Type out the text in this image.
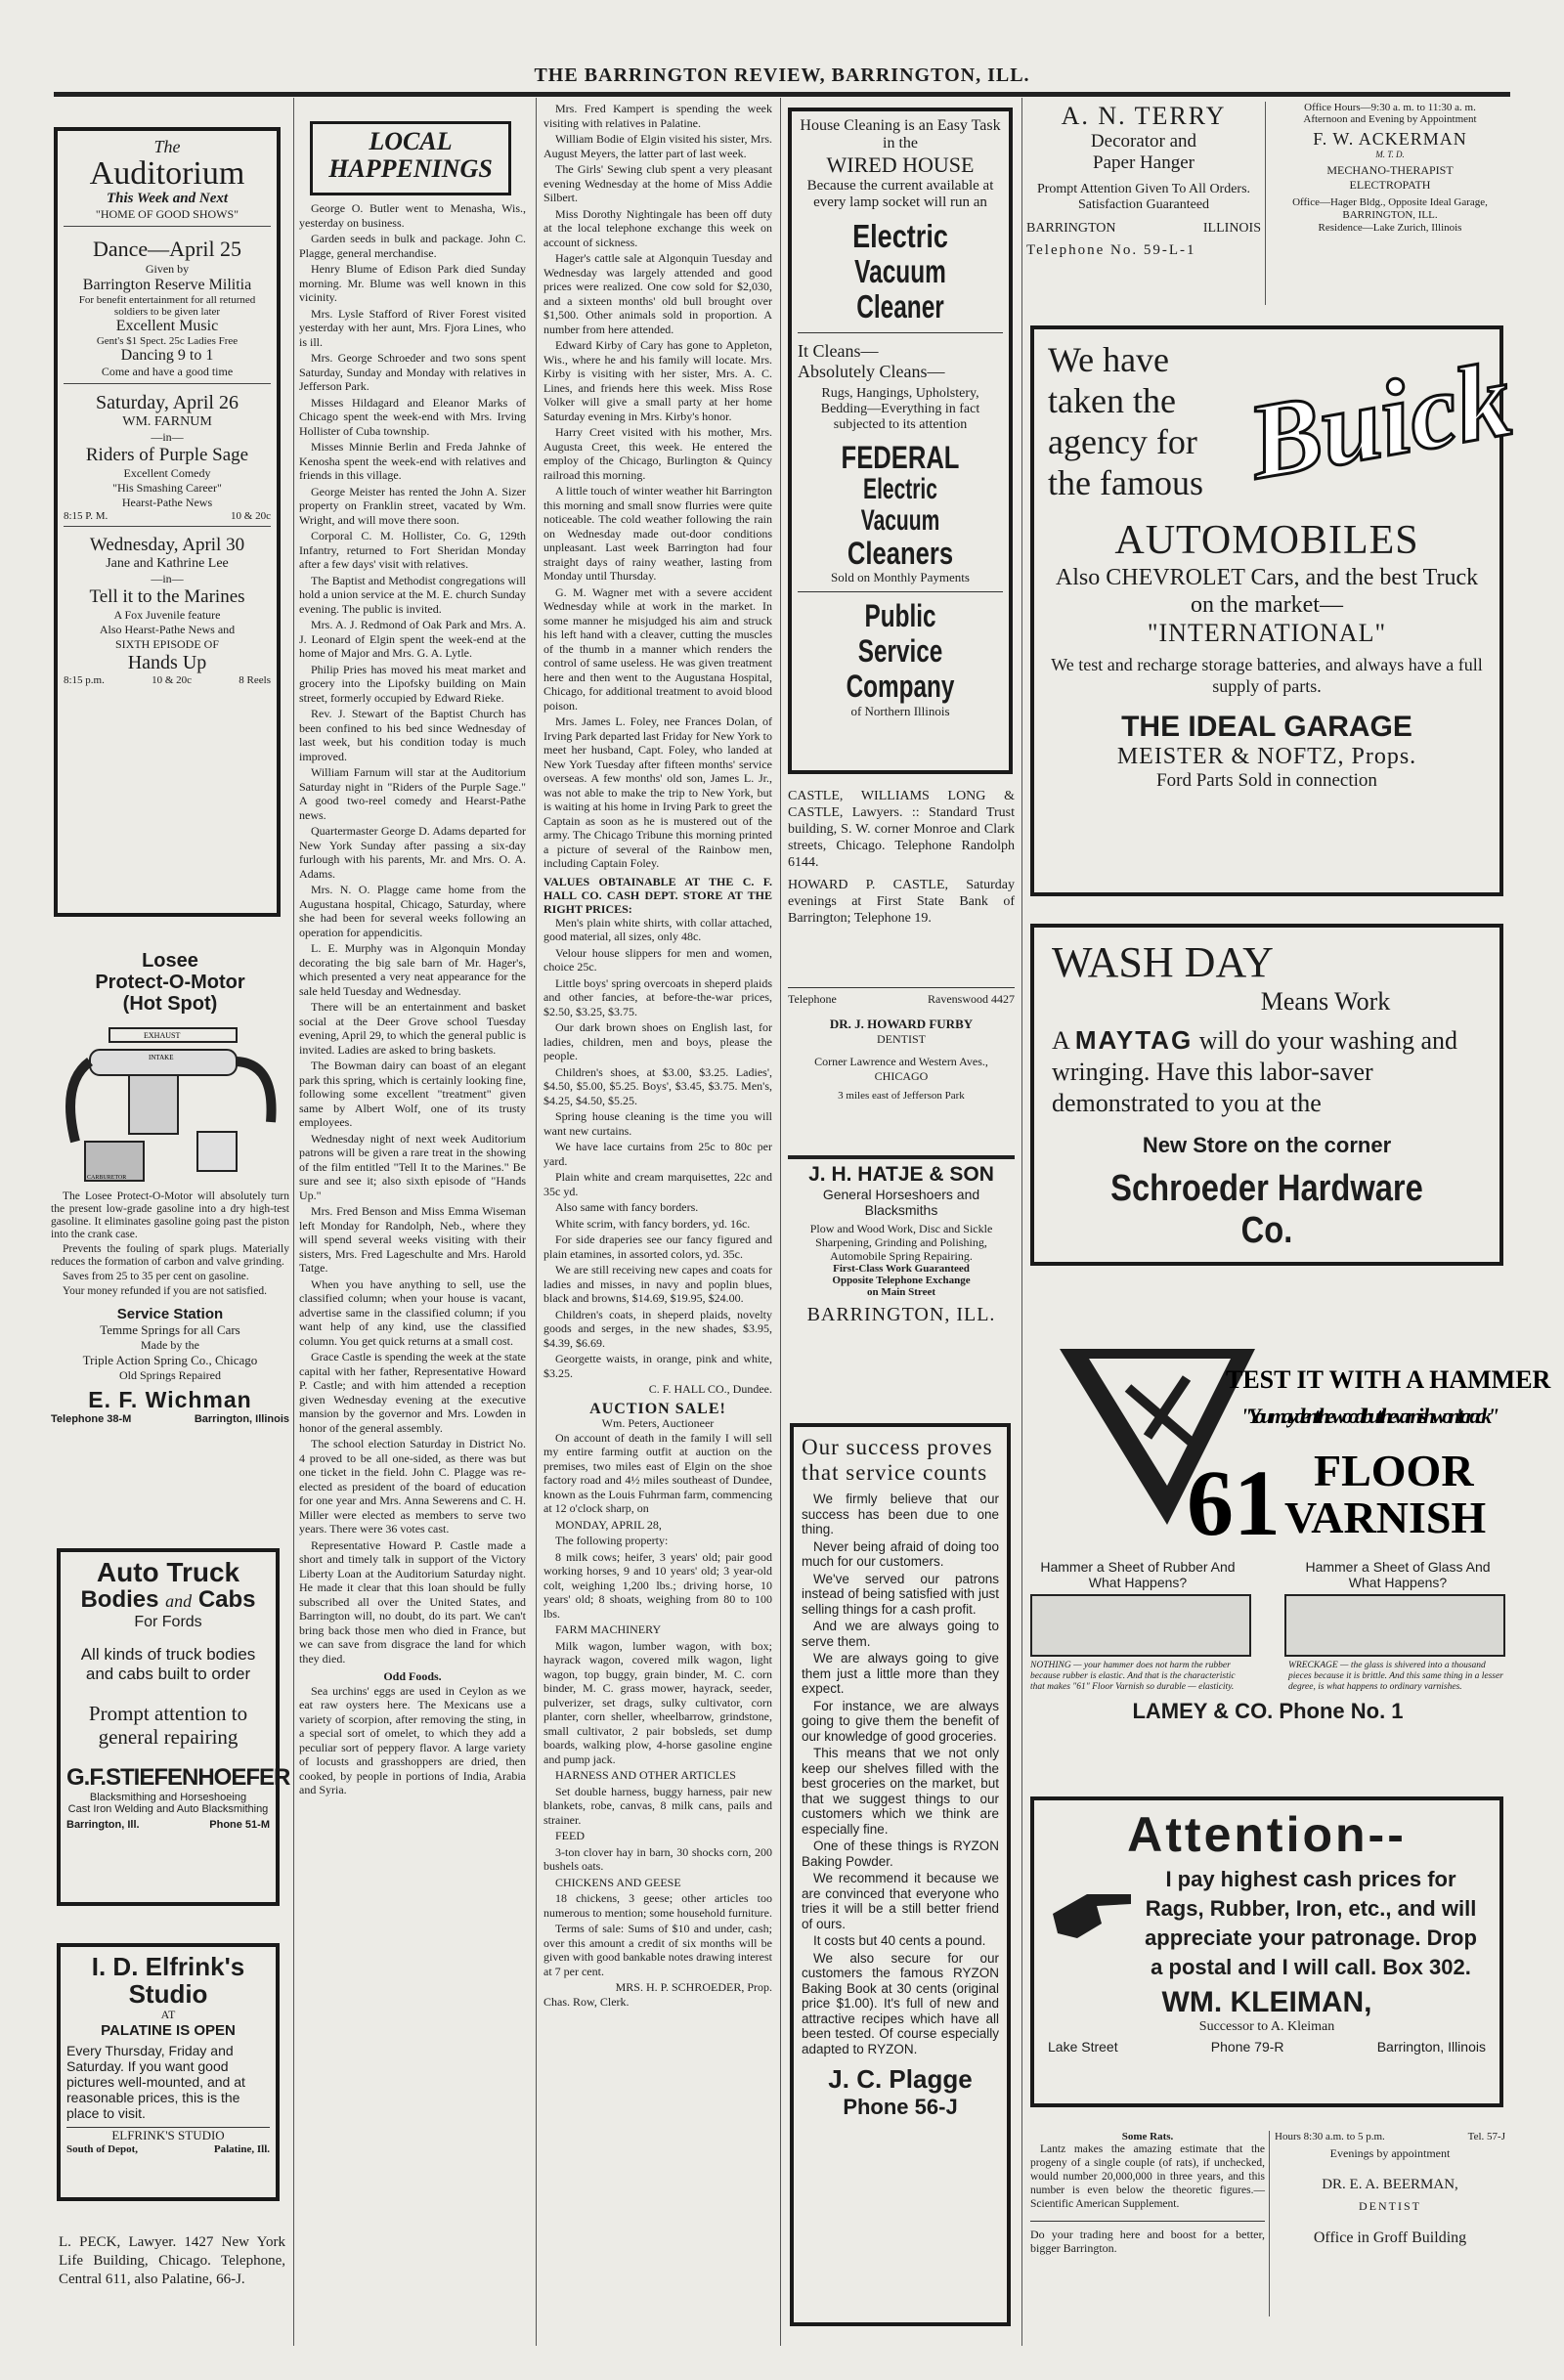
THE BARRINGTON REVIEW, BARRINGTON, ILL.
The
Auditorium
This Week and Next
"HOME OF GOOD SHOWS"
Dance—April 25
Given by
Barrington Reserve Militia
For benefit entertainment for all returned soldiers to be given later
Excellent Music
Gent's $1 Spect. 25c Ladies Free
Dancing 9 to 1
Come and have a good time
Saturday, April 26
WM. FARNUM
—in—
Riders of Purple Sage
Excellent Comedy
"His Smashing Career"
Hearst-Pathe News
8:15 P. M.	10 & 20c
Wednesday, April 30
Jane and Kathrine Lee
—in—
Tell it to the Marines
A Fox Juvenile feature
Also Hearst-Pathe News and
SIXTH EPISODE OF
Hands Up
8:15 p.m.	10 & 20c	8 Reels
Losee
Protect-O-Motor
(Hot Spot)
EXHAUST
INTAKE
CARBURETOR

The Losee Protect-O-Motor will absolutely turn the present low-grade gasoline into a dry high-test gasoline. It eliminates gasoline going past the piston into the crank case.

Prevents the fouling of spark plugs. Materially reduces the formation of carbon and valve grinding.

Saves from 25 to 35 per cent on gasoline.

Your money refunded if you are not satisfied.

Service Station
Temme Springs for all Cars
Made by the
Triple Action Spring Co., Chicago
Old Springs Repaired
E. F. Wichman
Telephone 38-M	Barrington, Illinois
Auto Truck
Bodies and Cabs
For Fords
All kinds of truck bodies and cabs built to order
Prompt attention to general repairing
G.F.STIEFENHOEFER
Blacksmithing and Horseshoeing
Cast Iron Welding and Auto Blacksmithing
Barrington, Ill.	Phone 51-M
I. D. Elfrink's
Studio
AT
PALATINE IS OPEN
Every Thursday, Friday and Saturday. If you want good pictures well-mounted, and at reasonable prices, this is the place to visit.
ELFRINK'S STUDIO
South of Depot,	Palatine, Ill.
L. PECK, Lawyer. 1427 New York Life Building, Chicago. Telephone, Central 611, also Palatine, 66-J.
LOCAL
HAPPENINGS

George O. Butler went to Menasha, Wis., yesterday on business.

Garden seeds in bulk and package. John C. Plagge, general merchandise.

Henry Blume of Edison Park died Sunday morning. Mr. Blume was well known in this vicinity.

Mrs. Lysle Stafford of River Forest visited yesterday with her aunt, Mrs. Fjora Lines, who is ill.

Mrs. George Schroeder and two sons spent Saturday, Sunday and Monday with relatives in Jefferson Park.

Misses Hildagard and Eleanor Marks of Chicago spent the week-end with Mrs. Irving Hollister of Cuba township.

Misses Minnie Berlin and Freda Jahnke of Kenosha spent the week-end with relatives and friends in this village.

George Meister has rented the John A. Sizer property on Franklin street, vacated by Wm. Wright, and will move there soon.

Corporal C. M. Hollister, Co. G, 129th Infantry, returned to Fort Sheridan Monday after a few days' visit with relatives.

The Baptist and Methodist congregations will hold a union service at the M. E. church Sunday evening. The public is invited.

Mrs. A. J. Redmond of Oak Park and Mrs. A. J. Leonard of Elgin spent the week-end at the home of Major and Mrs. G. A. Lytle.

Philip Pries has moved his meat market and grocery into the Lipofsky building on Main street, formerly occupied by Edward Rieke.

Rev. J. Stewart of the Baptist Church has been confined to his bed since Wednesday of last week, but his condition today is much improved.

William Farnum will star at the Auditorium Saturday night in "Riders of the Purple Sage." A good two-reel comedy and Hearst-Pathe news.

Quartermaster George D. Adams departed for New York Sunday after passing a six-day furlough with his parents, Mr. and Mrs. O. A. Adams.

Mrs. N. O. Plagge came home from the Augustana hospital, Chicago, Saturday, where she had been for several weeks following an operation for appendicitis.

L. E. Murphy was in Algonquin Monday decorating the big sale barn of Mr. Hager's, which presented a very neat appearance for the sale held Tuesday and Wednesday.

There will be an entertainment and basket social at the Deer Grove school Tuesday evening, April 29, to which the general public is invited. Ladies are asked to bring baskets.

The Bowman dairy can boast of an elegant park this spring, which is certainly looking fine, following some excellent "treatment" given same by Albert Wolf, one of its trusty employees.

Wednesday night of next week Auditorium patrons will be given a rare treat in the showing of the film entitled "Tell It to the Marines." Be sure and see it; also sixth episode of "Hands Up."

Mrs. Fred Benson and Miss Emma Wiseman left Monday for Randolph, Neb., where they will spend several weeks visiting with their sisters, Mrs. Fred Lageschulte and Mrs. Harold Tatge.

When you have anything to sell, use the classified column; when your house is vacant, advertise same in the classified column; if you want help of any kind, use the classified column. You get quick returns at a small cost.

Grace Castle is spending the week at the state capital with her father, Representative Howard P. Castle; and with him attended a reception given Wednesday evening at the executive mansion by the governor and Mrs. Lowden in honor of the general assembly.

The school election Saturday in District No. 4 proved to be all one-sided, as there was but one ticket in the field. John C. Plagge was re-elected as president of the board of education for one year and Mrs. Anna Sewerens and C. H. Miller were elected as members to serve two years. There were 36 votes cast.

Representative Howard P. Castle made a short and timely talk in support of the Victory Liberty Loan at the Auditorium Saturday night. He made it clear that this loan should be fully subscribed all over the United States, and Barrington will, no doubt, do its part. We can't bring back those men who died in France, but we can save from disgrace the land for which they died.

Odd Foods.

Sea urchins' eggs are used in Ceylon as we eat raw oysters here. The Mexicans use a variety of scorpion, after removing the sting, in a special sort of omelet, to which they add a peculiar sort of peppery flavor. A large variety of locusts and grasshoppers are dried, then cooked, by people in portions of India, Arabia and Syria.

Mrs. Fred Kampert is spending the week visiting with relatives in Palatine.

William Bodie of Elgin visited his sister, Mrs. August Meyers, the latter part of last week.

The Girls' Sewing club spent a very pleasant evening Wednesday at the home of Miss Addie Silbert.

Miss Dorothy Nightingale has been off duty at the local telephone exchange this week on account of sickness.

Hager's cattle sale at Algonquin Tuesday and Wednesday was largely attended and good prices were realized. One cow sold for $2,030, and a sixteen months' old bull brought over $1,500. Other animals sold in proportion. A number from here attended.

Edward Kirby of Cary has gone to Appleton, Wis., where he and his family will locate. Mrs. Kirby is visiting with her sister, Mrs. A. C. Lines, and friends here this week. Miss Rose Volker will give a small party at her home Saturday evening in Mrs. Kirby's honor.

Harry Creet visited with his mother, Mrs. Augusta Creet, this week. He entered the employ of the Chicago, Burlington & Quincy railroad this morning.

A little touch of winter weather hit Barrington this morning and small snow flurries were quite noticeable. The cold weather following the rain on Wednesday made out-door conditions unpleasant. Last week Barrington had four straight days of rainy weather, lasting from Monday until Thursday.

G. M. Wagner met with a severe accident Wednesday while at work in the market. In some manner he misjudged his aim and struck his left hand with a cleaver, cutting the muscles of the thumb in a manner which renders the control of same useless. He was given treatment here and then went to the Augustana Hospital, Chicago, for additional treatment to avoid blood poison.

Mrs. James L. Foley, nee Frances Dolan, of Irving Park departed last Friday for New York to meet her husband, Capt. Foley, who landed at New York Tuesday after fifteen months' service overseas. A few months' old son, James L. Jr., was not able to make the trip to New York, but is waiting at his home in Irving Park to greet the Captain as soon as he is mustered out of the army. The Chicago Tribune this morning printed a picture of several of the Rainbow men, including Captain Foley.

VALUES OBTAINABLE AT THE C. F. HALL CO. CASH DEPT. STORE AT THE RIGHT PRICES:

Men's plain white shirts, with collar attached, good material, all sizes, only 48c.

Velour house slippers for men and women, choice 25c.

Little boys' spring overcoats in sheperd plaids and other fancies, at before-the-war prices, $2.50, $3.25, $3.75.

Our dark brown shoes on English last, for ladies, children, men and boys, please the people.

Children's shoes, at $3.00, $3.25. Ladies', $4.50, $5.00, $5.25. Boys', $3.45, $3.75. Men's, $4.25, $4.50, $5.25.

Spring house cleaning is the time you will want new curtains.

We have lace curtains from 25c to 80c per yard.

Plain white and cream marquisettes, 22c and 35c yd.

Also same with fancy borders.

White scrim, with fancy borders, yd. 16c.

For side draperies see our fancy figured and plain etamines, in assorted colors, yd. 35c.

We are still receiving new capes and coats for ladies and misses, in navy and poplin blues, black and browns, $14.69, $19.95, $24.00.

Children's coats, in sheperd plaids, novelty goods and serges, in the new shades, $3.95, $4.39, $6.69.

Georgette waists, in orange, pink and white, $3.25.

C. F. HALL CO., Dundee.
AUCTION SALE!
Wm. Peters, Auctioneer

On account of death in the family I will sell my entire farming outfit at auction on the premises, two miles east of Elgin on the shoe factory road and 4½ miles southeast of Dundee, known as the Louis Fuhrman farm, commencing at 12 o'clock sharp, on

MONDAY, APRIL 28,

The following property:

8 milk cows; heifer, 3 years' old; pair good working horses, 9 and 10 years' old; 3 year-old colt, weighing 1,200 lbs.; driving horse, 10 years' old; 8 shoats, weighing from 80 to 100 lbs.

FARM MACHINERY

Milk wagon, lumber wagon, with box; hayrack wagon, covered milk wagon, light wagon, top buggy, grain binder, M. C. corn binder, M. C. grass mower, hayrack, seeder, pulverizer, set drags, sulky cultivator, corn planter, corn sheller, wheelbarrow, grindstone, small cultivator, 2 pair bobsleds, set dump boards, walking plow, 4-horse gasoline engine and pump jack.

HARNESS AND OTHER ARTICLES

Set double harness, buggy harness, pair new blankets, robe, canvas, 8 milk cans, pails and strainer.

FEED

3-ton clover hay in barn, 30 shocks corn, 200 bushels oats.

CHICKENS AND GEESE

18 chickens, 3 geese; other articles too numerous to mention; some household furniture.

Terms of sale: Sums of $10 and under, cash; over this amount a credit of six months will be given with good bankable notes drawing interest at 7 per cent.

MRS. H. P. SCHROEDER, Prop.
Chas. Row, Clerk.
House Cleaning is an Easy Task in the
WIRED HOUSE
Because the current available at every lamp socket will run an
Electric
Vacuum Cleaner
It Cleans—
Absolutely Cleans—
Rugs, Hangings, Upholstery, Bedding—Everything in fact subjected to its attention
FEDERAL
Electric Vacuum
Cleaners
Sold on Monthly Payments
Public Service
Company
of Northern Illinois

CASTLE, WILLIAMS LONG & CASTLE, Lawyers. :: Standard Trust building, S. W. corner Monroe and Clark streets, Chicago. Telephone Randolph 6144.

HOWARD P. CASTLE, Saturday evenings at First State Bank of Barrington; Telephone 19.

Telephone	Ravenswood 4427
DR. J. HOWARD FURBY
DENTIST
Corner Lawrence and Western Aves., CHICAGO
3 miles east of Jefferson Park
J. H. HATJE & SON
General Horseshoers and Blacksmiths
Plow and Wood Work, Disc and Sickle Sharpening, Grinding and Polishing, Automobile Spring Repairing.
First-Class Work Guaranteed
Opposite Telephone Exchange
on Main Street
BARRINGTON, ILL.
Our success proves that service counts

We firmly believe that our success has been due to one thing.

Never being afraid of doing too much for our customers.

We've served our patrons instead of being satisfied with just selling things for a cash profit.

And we are always going to serve them.

We are always going to give them just a little more than they expect.

For instance, we are always going to give them the benefit of our knowledge of good groceries.

This means that we not only keep our shelves filled with the best groceries on the market, but that we suggest things to our customers which we think are especially fine.

One of these things is RYZON Baking Powder.

We recommend it because we are convinced that everyone who tries it will be a still better friend of ours.

It costs but 40 cents a pound.

We also secure for our customers the famous RYZON Baking Book at 30 cents (original price $1.00). It's full of new and attractive recipes which have all been tested. Of course especially adapted to RYZON.

J. C. Plagge
Phone 56-J
A. N. TERRY
Decorator and
Paper Hanger
Prompt Attention Given To All Orders. Satisfaction Guaranteed
BARRINGTON	ILLINOIS
Telephone No. 59-L-1
Office Hours—9:30 a. m. to 11:30 a. m.
Afternoon and Evening by Appointment
F. W. ACKERMAN
M. T. D.
MECHANO-THERAPIST
ELECTROPATH
Office—Hager Bldg., Opposite Ideal Garage, BARRINGTON, ILL.
Residence—Lake Zurich, Illinois
We have
taken the
agency for
the famous Buick
AUTOMOBILES
Also CHEVROLET Cars, and the best Truck on the market—
"INTERNATIONAL"
We test and recharge storage batteries, and always have a full supply of parts.
THE IDEAL GARAGE
MEISTER & NOFTZ, Props.
Ford Parts Sold in connection
WASH DAY
Means Work
A MAYTAG will do your washing and wringing. Have this labor-saver demonstrated to you at the
New Store on the corner
Schroeder Hardware Co.
TEST IT WITH A HAMMER
"You may dent the wood but the varnish won't crack"
61 FLOOR
VARNISH
Hammer a Sheet of Rubber And What Happens?
Hammer a Sheet of Glass And What Happens?
NOTHING — your hammer does not harm the rubber because rubber is elastic. And that is the characteristic that makes "61" Floor Varnish so durable — elasticity.
WRECKAGE — the glass is shivered into a thousand pieces because it is brittle. And this same thing in a lesser degree, is what happens to ordinary varnishes.
LAMEY & CO. Phone No. 1
Attention--
I pay highest cash prices for Rags, Rubber, Iron, etc., and will appreciate your patronage. Drop a postal and I will call. Box 302.
WM. KLEIMAN,
Successor to A. Kleiman
Lake Street	Phone 79-R	Barrington, Illinois
Some Rats.
Lantz makes the amazing estimate that the progeny of a single couple (of rats), if unchecked, would number 20,000,000 in three years, and this number is even below the theoretic figures.—Scientific American Supplement.
Do your trading here and boost for a better, bigger Barrington.
Hours 8:30 a.m. to 5 p.m.	Tel. 57-J
Evenings by appointment
DR. E. A. BEERMAN,
DENTIST
Office in Groff Building
